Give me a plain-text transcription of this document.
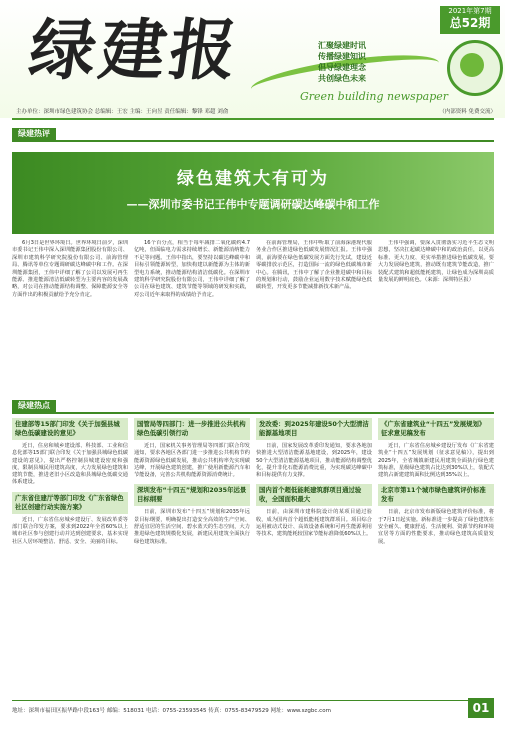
绿建报	2021年第7期
总52期
汇聚绿建时讯
传播绿建知识
倡导绿建理念
共创绿色未来
Green building newspaper
主办单位：深圳市绿色建筑协会 总编辑：王宏 主编：王向昱 责任编辑：黎锋 邓超 刘俞	（内部资料 免费交流）
绿建热评
绿色建筑大有可为
——深圳市委书记王伟中专题调研碳达峰碳中和工作

6月3日是世界环境日。世界环境日前夕，深圳市委书记王伟中深入深圳能源集团股份有限公司、深圳市建筑科学研究院股份有限公司、前海管理局、腾讯等单位专题调研碳达峰碳中和工作。在深圳能源集团，王伟中详细了解了公司以发展可再生能源、推进能源清洁低碳转型为主要内容的发展战略，对公司在推动能源结构调整、保障能源安全等方面作出的积极贡献给予充分肯定。

16个百分点，相当于每年减排二氧化碳约4.7亿吨，但面临电力需求持续增长、新能源消纳能力不足等问题。王伟中指出，要坚持以碳达峰碳中和目标引领能源转型，加快构建以新能源为主体的新型电力系统，推动能源结构清洁低碳化。在深圳市建筑科学研究院股份有限公司，王伟中详细了解了公司在绿色建筑、建筑节能等领域的研发和实践，对公司近年来取得的成绩给予肯定。

在前海管理局，王伟中听取了前海深港现代服务业合作区推进绿色低碳发展情况汇报。王伟中强调，前海要在绿色低碳发展方面先行先试，建设近零碳排放示范区，打造国际一流的绿色低碳城市新中心。在腾讯，王伟中了解了企业推进碳中和目标的规划和行动，鼓励企业运用数字技术赋能绿色低碳转型，开发更多节能减排新技术新产品。

王伟中强调，要深入贯彻落实习近平生态文明思想，坚决扛起碳达峰碳中和的政治责任，以更高标准、更大力度、更实举措推进绿色低碳发展。要大力发展绿色建筑，推动既有建筑节能改造，推广装配式建筑和超低能耗建筑，让绿色成为深圳高质量发展的鲜明底色。（来源：深圳特区报）

绿建热点
住建部等15部门印发《关于加强县城绿色低碳建设的意见》

近日，住房和城乡建设部、科技部、工业和信息化部等15部门联合印发《关于加强县城绿色低碳建设的意见》，提出严格控制县城建设密度和强度，限制县城民用建筑高度，大力发展绿色建筑和建筑节能，推进老旧小区改造和县城绿色低碳交通体系建设。

广东省住建厅等部门印发《广东省绿色社区创建行动实施方案》

近日，广东省住房城乡建设厅、发展改革委等部门联合印发方案，要求到2022年全省60%以上城市社区参与创建行动并达到创建要求，基本实现社区人居环境整洁、舒适、安全、美丽的目标。

国管局等四部门：进一步推进公共机构绿色低碳引领行动

近日，国家机关事务管理局等四部门联合印发通知，要求各地区各部门进一步推进公共机构节约能源资源绿色低碳发展，推动公共机构率先实现碳达峰，开展绿色建筑创建，推广使用新能源汽车和节能设备，完善公共机构能源资源消费统计。

深圳发布“十四五”规划和2035年远景目标纲要

日前，深圳市发布“十四五”规划和2035年远景目标纲要，明确提出打造安全高效的生产空间、舒适宜居的生活空间、碧水蓝天的生态空间，大力推进绿色建筑规模化发展，新建民用建筑全面执行绿色建筑标准。

发改委：到2025年建设50个大型清洁能源基地项目

日前，国家发展改革委印发通知，要求各地加快推进大型清洁能源基地建设，到2025年，建设50个大型清洁能源基地项目，推动能源结构调整优化，提升非化石能源消费比重，为实现碳达峰碳中和目标提供有力支撑。

国内首个超低能耗建筑群项目通过验收，全国面积最大

日前，由深圳市建科院设计的某项目通过验收，成为国内首个超低能耗建筑群项目。项目综合运用被动式设计、高效设备系统和可再生能源利用等技术，建筑能耗较国家节能标准降低60%以上。

《广东省建筑业“十四五”发展规划》征求意见稿发布

近日，广东省住房城乡建设厅发布《广东省建筑业“十四五”发展规划（征求意见稿）》，提出到2025年，全省城镇新建民用建筑全面执行绿色建筑标准，星级绿色建筑占比达到30%以上，装配式建筑占新建建筑面积比例达到35%以上。

北京市第11个城市绿色建筑评价标准发布

日前，北京市发布新版绿色建筑评价标准，将于7月1日起实施。新标准进一步提高了绿色建筑在安全耐久、健康舒适、生活便利、资源节约和环境宜居等方面的性能要求，推动绿色建筑高质量发展。

地址：深圳市福田区振华路中段163号 邮编：518031 电话：0755-23593545 传真：0755-83479529 网址：www.szgbc.com	01
